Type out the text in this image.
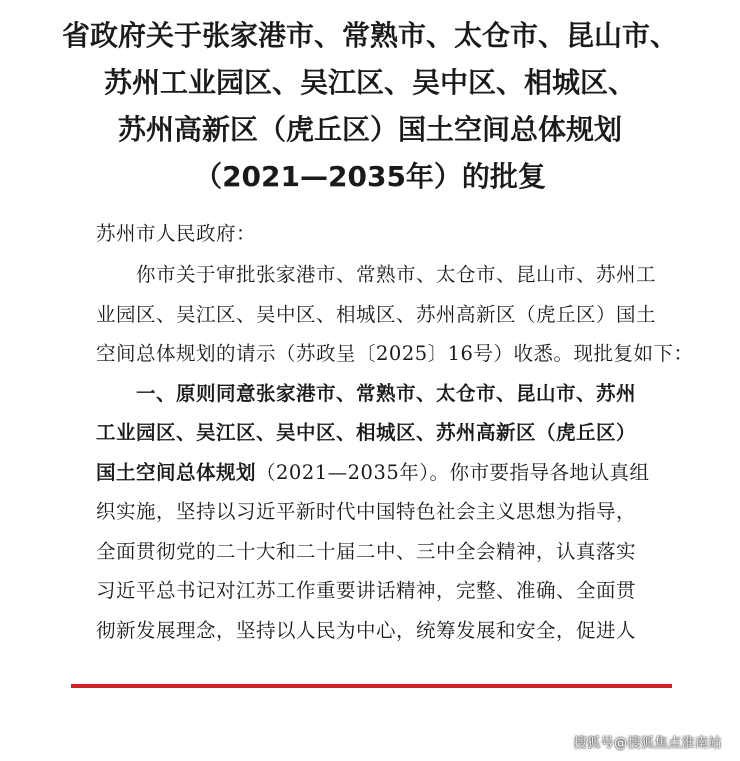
省政府关于张家港市、常熟市、太仓市、昆山市、
苏州工业园区、吴江区、吴中区、相城区、
苏州高新区（虎丘区）国土空间总体规划
（2021—2035年）的批复
苏州市人民政府：
　　你市关于审批张家港市、常熟市、太仓市、昆山市、苏州工
业园区、吴江区、吴中区、相城区、苏州高新区（虎丘区）国土
空间总体规划的请示（苏政呈〔2025〕16号）收悉。现批复如下：
　　一、原则同意张家港市、常熟市、太仓市、昆山市、苏州
工业园区、吴江区、吴中区、相城区、苏州高新区（虎丘区）
国土空间总体规划（2021—2035年）。你市要指导各地认真组
织实施，坚持以习近平新时代中国特色社会主义思想为指导，
全面贯彻党的二十大和二十届二中、三中全会精神，认真落实
习近平总书记对江苏工作重要讲话精神，完整、准确、全面贯
彻新发展理念，坚持以人民为中心，统筹发展和安全，促进人
搜狐号@搜狐焦点淮南站
